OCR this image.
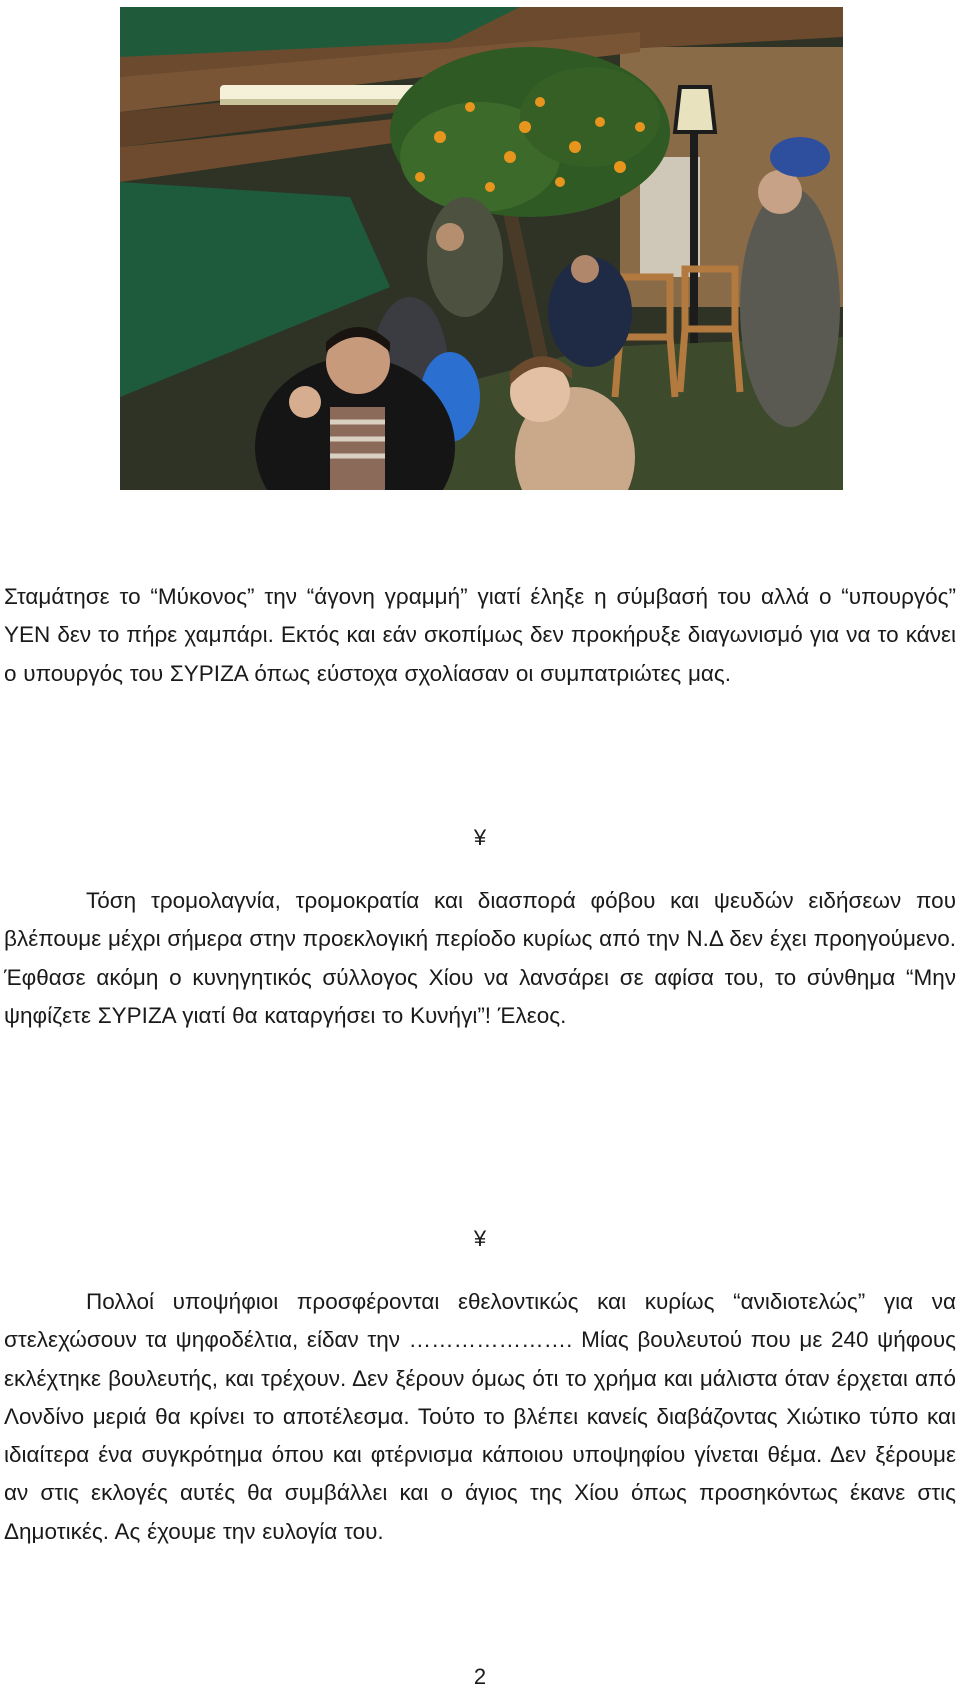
Σταμάτησε το “Μύκονος” την “άγονη γραμμή” γιατί έληξε η σύμβασή του αλλά ο “υπουργός” ΥΕΝ δεν το πήρε χαμπάρι. Εκτός και εάν σκοπίμως δεν προκήρυξε διαγωνισμό για να το κάνει ο υπουργός του ΣΥΡΙΖΑ όπως εύστοχα σχολίασαν οι συμπατριώτες μας.

¥

Τόση τρομολαγνία, τρομοκρατία και διασπορά φόβου και ψευδών ειδήσεων που βλέπουμε μέχρι σήμερα στην προεκλογική περίοδο κυρίως από την Ν.Δ δεν έχει προηγούμενο. Έφθασε ακόμη ο κυνηγητικός σύλλογος Χίου να λανσάρει σε αφίσα του, το σύνθημα “Μην ψηφίζετε ΣΥΡΙΖΑ γιατί θα καταργήσει το Κυνήγι”! Έλεος.

¥

Πολλοί υποψήφιοι προσφέρονται εθελοντικώς και κυρίως “ανιδιοτελώς” για να στελεχώσουν τα ψηφοδέλτια, είδαν την …………………. Μίας βουλευτού που με 240 ψήφους εκλέχτηκε βουλευτής, και τρέχουν. Δεν ξέρουν όμως ότι το χρήμα και μάλιστα όταν έρχεται από Λονδίνο μεριά θα κρίνει το αποτέλεσμα. Τούτο το βλέπει κανείς διαβάζοντας Χιώτικο τύπο και ιδιαίτερα ένα συγκρότημα όπου και φτέρνισμα κάποιου υποψηφίου γίνεται θέμα. Δεν ξέρουμε αν στις εκλογές αυτές θα συμβάλλει και ο άγιος της Χίου όπως προσηκόντως έκανε στις Δημοτικές. Ας έχουμε την ευλογία του.

2
